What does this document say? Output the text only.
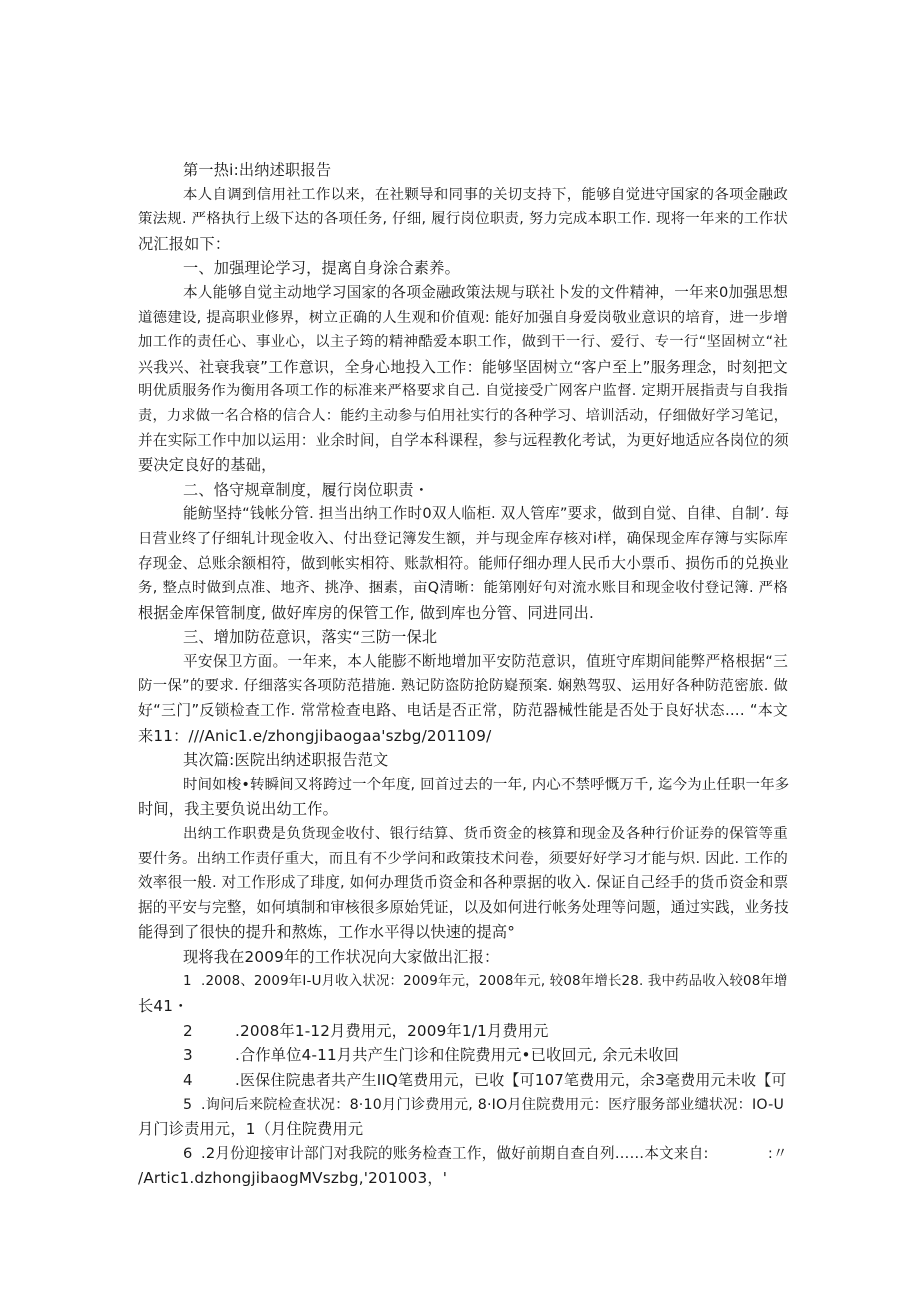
第一热i:出纳述职报告
本人自调到信用社工作以来，在社颗导和同事的关切支持下，能够自觉进守国家的各项金融政
策法规. 严格执行上级下达的各项任务, 仔细, 履行岗位职责, 努力完成本职工作. 现将一年来的工作状
况汇报如下：
一、加强理论学习，提离自身涂合素养。
本人能够自觉主动地学习国家的各项金融政策法规与联社卜发的文件精神，一年来0加强思想
道德建设, 提高职业修界，树立正确的人生观和价值观: 能好加强自身爱岗敬业意识的培育，进一步增
加工作的责任心、事业心，以主子筠的精神酷爱本职工作，做到干一行、爱行、专一行“坚固树立“社
兴我兴、社衰我衰”工作意识，全身心地投入工作：能够坚固树立“客户至上”服务理念，时刻把文
明优质服务作为衡用各项工作的标准来严格要求自己. 自觉接受广网客户监督. 定期开展指责与自我指
责，力求做一名合格的信合人：能约主动参与伯用社实行的各种学习、培训活动，仔细做好学习笔记，
并在实际工作中加以运用：业余时间，自学本科课程，参与远程教化考试，为更好地适应各岗位的须
要决定良好的基础，
二、恪守规章制度，履行岗位职责・
能鲂坚持“钱帐分管. 担当出纳工作时0双人临柜. 双人管库”要求，做到自觉、自律、自制’. 每
日营业终了仔细轧计现金收入、付出登记簿发生额，并与现金库存核对i样，确保现金库存簿与实际库
存现金、总账余额相符，做到帐实相符、账款相符。能师仔细办理人民币大小票币、损伤币的兑换业
务, 整点时做到点准、地齐、挑净、捆素，亩Q清晰：能第刚好句对流水账目和现金收付登记簿. 严格
根据金库保管制度, 做好库房的保管工作, 做到库也分管、同进同出.
三、增加防莅意识，落实“三防一保北
平安保卫方面。一年来，本人能膨不断地增加平安防范意识，值班守库期间能弊严格根据“三
防一保”的要求. 仔细落实各项防范措施. 熟记防盗防抢防嶷预案. 娴熟驾驭、运用好各种防范密旅. 做
好“三门”反锁检查工作. 常常检查电路、电话是否正常，防范器械性能是否处于良好状态…. “本文
来11：///Anic1.e/zhongjibaogaa'szbg/201109/
其次篇:医院出纳述职报告范文
时间如梭•转瞬间又将跨过一个年度, 回首过去的一年, 内心不禁呼慨万千, 迄今为止任职一年多
时间，我主要负说出幼工作。
出纳工作职费是负货现金收付、银行结算、货币资金的核算和现金及各种行价证券的保管等重
要什务。出纳工作责仔重大，而且有不少学问和政策技术问卷，须要好好学习才能与炽. 因此. 工作的
效率很一般. 对工作形成了琲度, 如何办理货币资金和各种票据的收入. 保证自己经手的货币资金和票
据的平安与完整，如何填制和审核很多原始凭证，以及如何进行帐务处理等问题，通过实践，业务技
能得到了很快的提升和熬炼，工作水平得以快速的提高°
现将我在2009年的工作状况向大家做出汇报：
1 .2008、2009年I-U月收入状况：2009年元，2008年元, 较08年增长28. 我中药品收入较08年增
长41・
2	.2008年1-12月费用元，2009年1/1月费用元
3	.合作单位4-11月共产生门诊和住院费用元•已收回元, 余元未收回
4	.医保住院患者共产生IIQ笔费用元，已收【可107笔费用元，余3毫费用元未收【可
5 .询问后来院检查状况：8·10月门诊费用元, 8·IO月住院费用元：医疗服务部业缱状况：IO-U
月门诊责用元，1（月住院费用元
6 .2月份迎接审计部门对我院的账务检查工作，做好前期自查自列……本文来自:　　　　:〃
/Artic1.dzhongjibaogMVszbg,'201003，'
